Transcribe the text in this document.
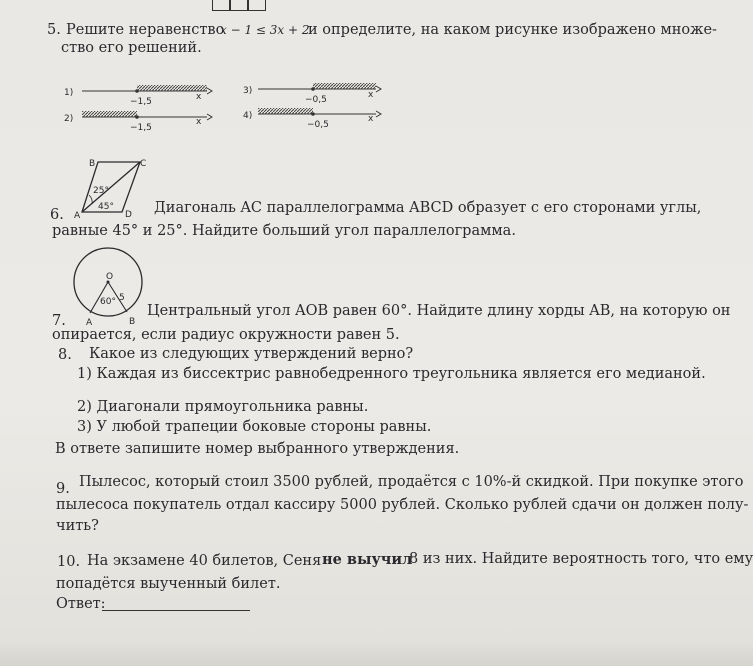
5. Решите неравенство
x − 1 ≤ 3x + 2
и определите, на каком рисунке изображено множе-
ство его решений.
1)
−1,5	x
2)
−1,5
x
3)
−0,5	x
4)
−0,5
x
B	C
A	D
25°
45°
6.	Диагональ AC параллелограмма ABCD образует с его сторонами углы,
равные 45° и 25°. Найдите больший угол параллелограмма.
O
5
60°
A	B
7.
Центральный угол AOB равен 60°. Найдите длину хорды AB, на которую он
опирается, если радиус окружности равен 5.
8. Какое из следующих утверждений верно?
1) Каждая из биссектрис равнобедренного треугольника является его медианой.
2) Диагонали прямоугольника равны.
3) У любой трапеции боковые стороны равны.
В ответе запишите номер выбранного утверждения.
9. Пылесос, который стоил 3500 рублей, продаётся с 10%-й скидкой. При покупке этого
пылесоса покупатель отдал кассиру 5000 рублей. Сколько рублей сдачи он должен полу-
чить?
10. На экзамене 40 билетов, Сеня не выучил
8 из них. Найдите вероятность того, что ему
попадётся выученный билет.
Ответ:
